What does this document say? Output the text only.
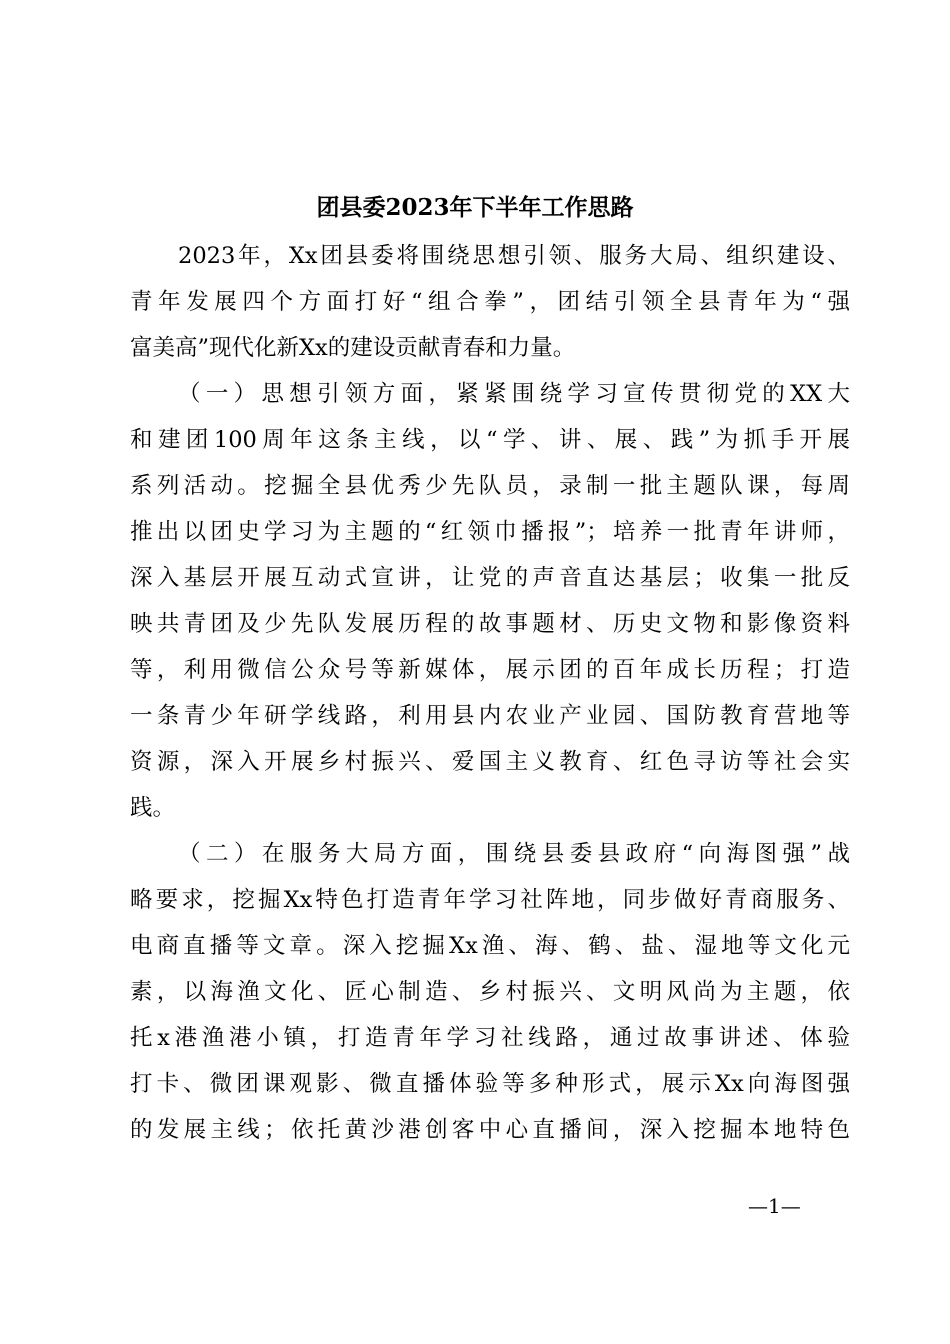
团县委2023年下半年工作思路
2023年，Xx团县委将围绕思想引领、服务大局、组织建设、
青年发展四个方面打好“组合拳”，团结引领全县青年为“强
富美高”现代化新Xx的建设贡献青春和力量。
（一）思想引领方面，紧紧围绕学习宣传贯彻党的XX大
和建团100周年这条主线，以“学、讲、展、践”为抓手开展
系列活动。挖掘全县优秀少先队员，录制一批主题队课，每周
推出以团史学习为主题的“红领巾播报”；培养一批青年讲师，
深入基层开展互动式宣讲，让党的声音直达基层；收集一批反
映共青团及少先队发展历程的故事题材、历史文物和影像资料
等，利用微信公众号等新媒体，展示团的百年成长历程；打造
一条青少年研学线路，利用县内农业产业园、国防教育营地等
资源，深入开展乡村振兴、爱国主义教育、红色寻访等社会实
践。
（二）在服务大局方面，围绕县委县政府“向海图强”战
略要求，挖掘Xx特色打造青年学习社阵地，同步做好青商服务、
电商直播等文章。深入挖掘Xx渔、海、鹤、盐、湿地等文化元
素，以海渔文化、匠心制造、乡村振兴、文明风尚为主题，依
托x港渔港小镇，打造青年学习社线路，通过故事讲述、体验
打卡、微团课观影、微直播体验等多种形式，展示Xx向海图强
的发展主线；依托黄沙港创客中心直播间，深入挖掘本地特色
—1—
